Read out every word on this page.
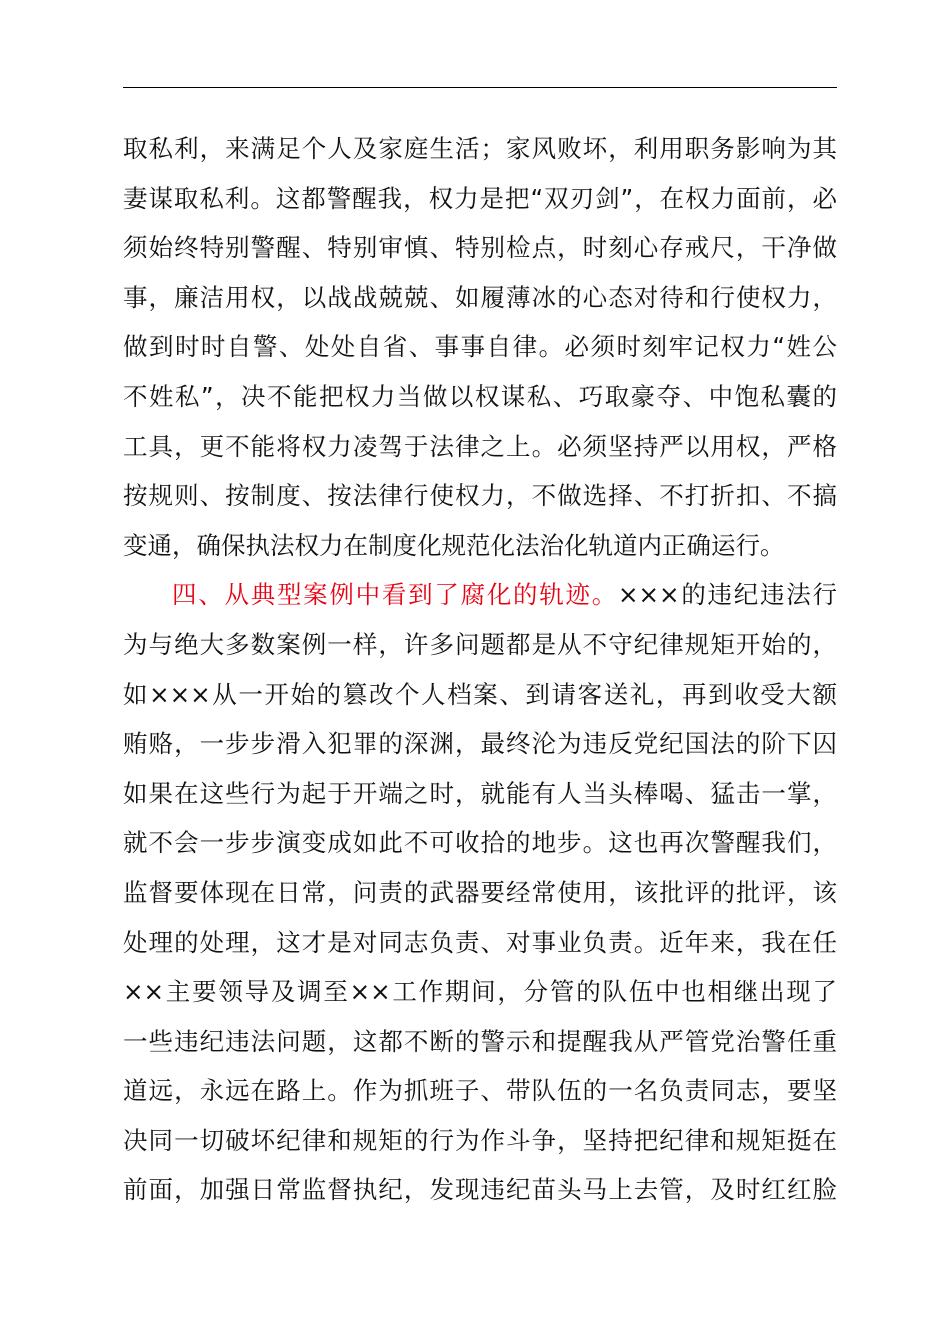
取私利，来满足个人及家庭生活；家风败坏，利用职务影响为其
妻谋取私利。这都警醒我，权力是把“双刃剑”，在权力面前，必
须始终特别警醒、特别审慎、特别检点，时刻心存戒尺，干净做
事，廉洁用权，以战战兢兢、如履薄冰的心态对待和行使权力，
做到时时自警、处处自省、事事自律。必须时刻牢记权力“姓公
不姓私”，决不能把权力当做以权谋私、巧取豪夺、中饱私囊的
工具，更不能将权力凌驾于法律之上。必须坚持严以用权，严格
按规则、按制度、按法律行使权力，不做选择、不打折扣、不搞
变通，确保执法权力在制度化规范化法治化轨道内正确运行。
四、从典型案例中看到了腐化的轨迹。×××的违纪违法行
为与绝大多数案例一样，许多问题都是从不守纪律规矩开始的，
如×××从一开始的篡改个人档案、到请客送礼，再到收受大额
贿赂，一步步滑入犯罪的深渊，最终沦为违反党纪国法的阶下囚
如果在这些行为起于开端之时，就能有人当头棒喝、猛击一掌，
就不会一步步演变成如此不可收拾的地步。这也再次警醒我们，
监督要体现在日常，问责的武器要经常使用，该批评的批评，该
处理的处理，这才是对同志负责、对事业负责。近年来，我在任
××主要领导及调至××工作期间，分管的队伍中也相继出现了
一些违纪违法问题，这都不断的警示和提醒我从严管党治警任重
道远，永远在路上。作为抓班子、带队伍的一名负责同志，要坚
决同一切破坏纪律和规矩的行为作斗争，坚持把纪律和规矩挺在
前面，加强日常监督执纪，发现违纪苗头马上去管，及时红红脸
